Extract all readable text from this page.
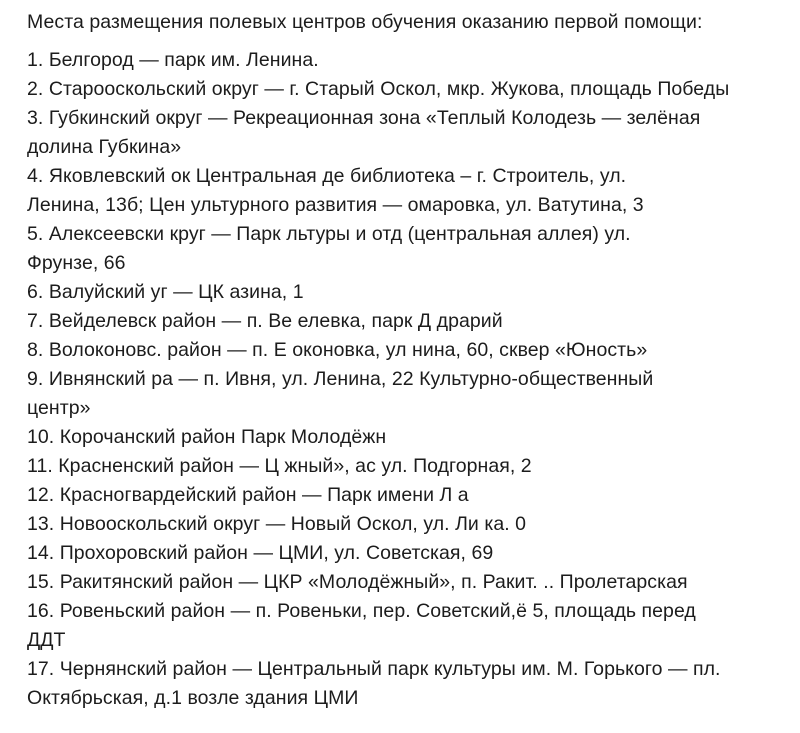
Места размещения полевых центров обучения оказанию первой помощи:
1. Белгород — парк им. Ленина.
2. Старооскольский округ — г. Старый Оскол, мкр. Жукова, площадь Победы
3. Губкинский округ — Рекреационная зона «Теплый Колодезь — зелёная
долина Губкина»
4. Яковлевский ок Центральная де библиотека – г. Строитель, ул.
Ленина, 13б; Цен ультурного развития — омаровка, ул. Ватутина, 3
5. Алексеевски круг — Парк льтуры и отд (центральная аллея) ул.
Фрунзе, 66
6. Валуйский уг — ЦК азина, 1
7. Вейделевск район — п. Ве елевка, парк Д драрий
8. Волоконовс. район — п. Е оконовка, ул нина, 60, сквер «Юность»
9. Ивнянский ра — п. Ивня, ул. Ленина, 22 Культурно-общественный
центр»
10. Корочанский район Парк Молодёжн
11. Красненский район — Ц жный», ас ул. Подгорная, 2
12. Красногвардейский район — Парк имени Л а
13. Новооскольский округ — Новый Оскол, ул. Ли ка. 0
14. Прохоровский район — ЦМИ, ул. Советская, 69
15. Ракитянский район — ЦКР «Молодёжный», п. Ракит. .. Пролетарская
16. Ровеньский район — п. Ровеньки, пер. Советский,ё 5, площадь перед
ДДТ
17. Чернянский район — Центральный парк культуры им. М. Горького — пл.
Октябрьская, д.1 возле здания ЦМИ
